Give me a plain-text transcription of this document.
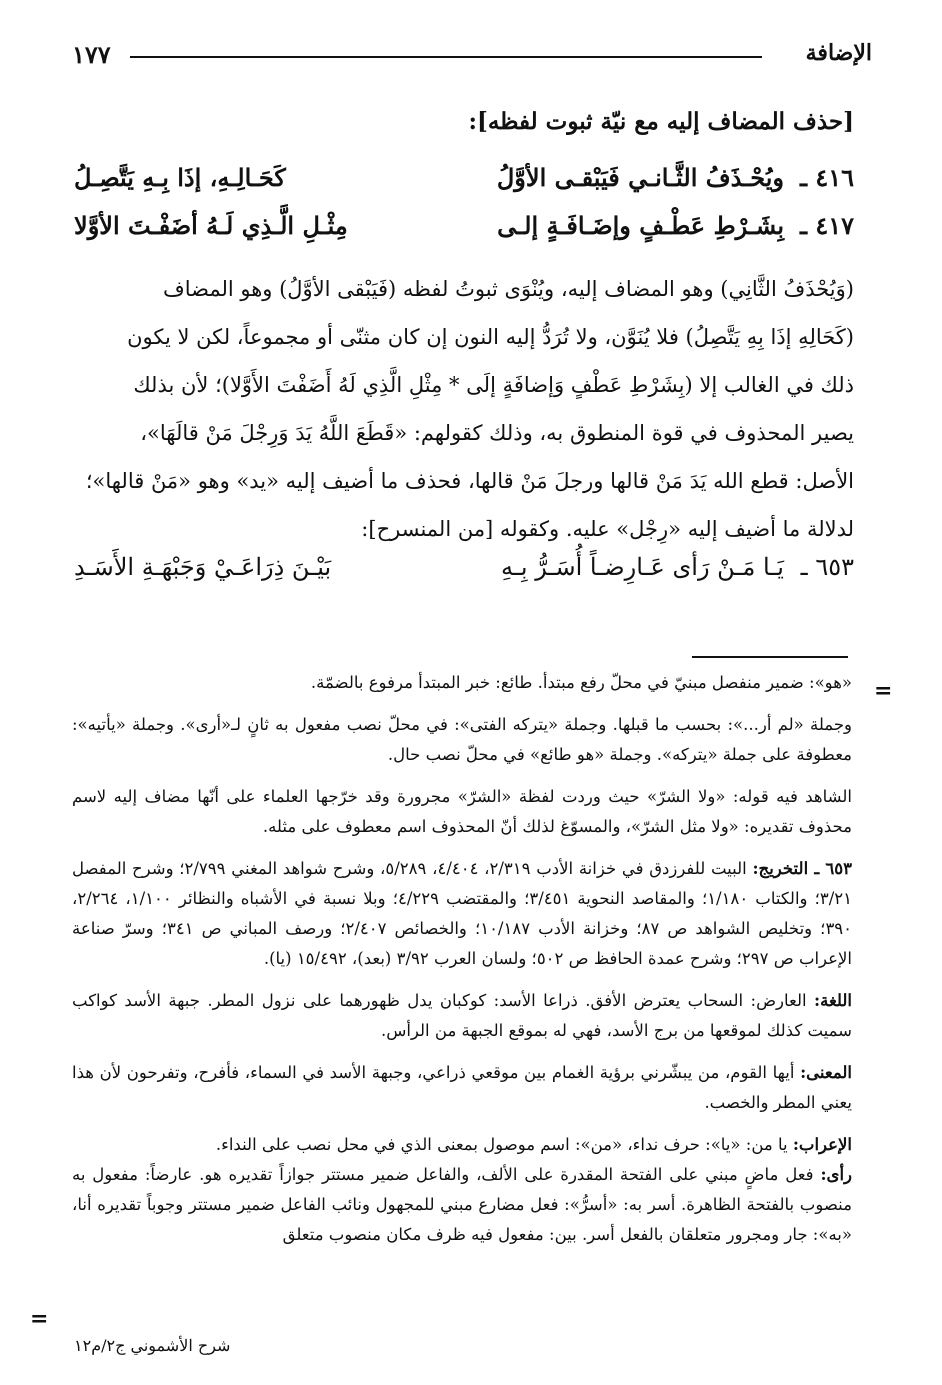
١٧٧	الإضافة
[حذف المضاف إليه مع نيّة ثبوت لفظه]:
٤١٦ ـ
ويُحْـذَفُ الثَّـانـي فَيَبْقـى الأوَّلُ
كَحَـالِـهِ، إذَا بِـهِ يَتَّصِـلُ
٤١٧ ـ
بِشَـرْطِ عَطْـفٍ وإضَـافَـةٍ إلـى
مِثْـلِ الَّـذِي لَـهُ أضَفْـتَ الأوَّلا
(وَيُحْذَفُ الثَّانِي) وهو المضاف إليه، ويُنْوَى ثبوتُ لفظه (فَيَبْقى الأوَّلُ) وهو المضاف
(كَحَالِهِ إذَا بِهِ يَتَّصِلُ) فلا يُنَوَّن، ولا تُرَدُّ إليه النون إن كان مثنّى أو مجموعاً، لكن لا يكون
ذلك في الغالب إلا (بِشَرْطِ عَطْفٍ وَإضافَةٍ إلَى * مِثْلِ الَّذِي لَهُ أَضَفْتَ الأَوَّلا)؛ لأن بذلك
يصير المحذوف في قوة المنطوق به، وذلك كقولهم: «قَطَعَ اللَّهُ يَدَ وَرِجْلَ مَنْ قالَهَا»،
الأصل: قطع الله يَدَ مَنْ قالها ورجلَ مَنْ قالها، فحذف ما أضيف إليه «يد» وهو «مَنْ قالها»؛
لدلالة ما أضيف إليه «رِجْل» عليه. وكقوله [من المنسرح]:
٦٥٣ ـ
يَـا مَـنْ رَأى عَـارِضـاً أُسَـرُّ بِـهِ
بَيْـنَ ذِرَاعَـيْ وَجَبْهَـةِ الأَسَـدِ
=
«هو»: ضمير منفصل مبنيّ في محلّ رفع مبتدأ. طائع: خبر المبتدأ مرفوع بالضمّة.
وجملة «لم أر...»: بحسب ما قبلها. وجملة «يتركه الفتى»: في محلّ نصب مفعول به ثانٍ لـ«أرى». وجملة «يأتيه»: معطوفة على جملة «يتركه». وجملة «هو طائع» في محلّ نصب حال.
الشاهد فيه قوله: «ولا الشرّ» حيث وردت لفظة «الشرّ» مجرورة وقد خرّجها العلماء على أنّها مضاف إليه لاسم محذوف تقديره: «ولا مثل الشرّ»، والمسوّغ لذلك أنّ المحذوف اسم معطوف على مثله.
٦٥٣ ـ التخريج: البيت للفرزدق في خزانة الأدب ٢/٣١٩، ٤/٤٠٤، ٥/٢٨٩، وشرح شواهد المغني ٢/٧٩٩؛ وشرح المفصل ٣/٢١؛ والكتاب ١/١٨٠؛ والمقاصد النحوية ٣/٤٥١؛ والمقتضب ٤/٢٢٩؛ وبلا نسبة في الأشباه والنظائر ١/١٠٠، ٢/٢٦٤، ٣٩٠؛ وتخليص الشواهد ص ٨٧؛ وخزانة الأدب ١٠/١٨٧؛ والخصائص ٢/٤٠٧؛ ورصف المباني ص ٣٤١؛ وسرّ صناعة الإعراب ص ٢٩٧؛ وشرح عمدة الحافظ ص ٥٠٢؛ ولسان العرب ٣/٩٢ (بعد)، ١٥/٤٩٢ (يا).
اللغة: العارض: السحاب يعترض الأفق. ذراعا الأسد: كوكبان يدل ظهورهما على نزول المطر. جبهة الأسد كواكب سميت كذلك لموقعها من برج الأسد، فهي له بموقع الجبهة من الرأس.
المعنى: أيها القوم، من يبشّرني برؤية الغمام بين موقعي ذراعي، وجبهة الأسد في السماء، فأفرح، وتفرحون لأن هذا يعني المطر والخصب.
الإعراب: يا من: «يا»: حرف نداء، «من»: اسم موصول بمعنى الذي في محل نصب على النداء.
رأى: فعل ماضٍ مبني على الفتحة المقدرة على الألف، والفاعل ضمير مستتر جوازاً تقديره هو. عارضاً: مفعول به منصوب بالفتحة الظاهرة. أسر به: «أسرُّ»: فعل مضارع مبني للمجهول ونائب الفاعل ضمير مستتر وجوباً تقديره أنا، «به»: جار ومجرور متعلقان بالفعل أسر. بين: مفعول فيه ظرف مكان منصوب متعلق
=
شرح الأشموني ج٢/م١٢
